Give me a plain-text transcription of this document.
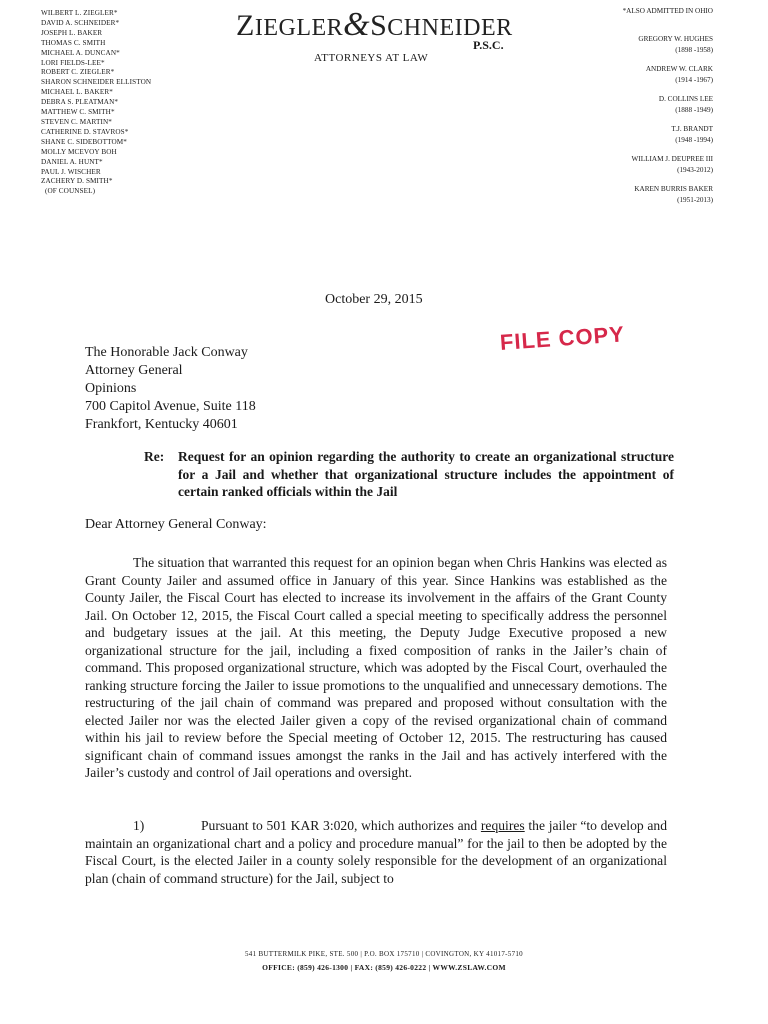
WILBERT L. ZIEGLER*
DAVID A. SCHNEIDER*
JOSEPH L. BAKER
THOMAS C. SMITH
MICHAEL A. DUNCAN*
LORI FIELDS-LEE*
ROBERT C. ZIEGLER*
SHARON SCHNEIDER ELLISTON
MICHAEL L. BAKER*
DEBRA S. PLEATMAN*
MATTHEW C. SMITH*
STEVEN C. MARTIN*
CATHERINE D. STAVROS*
SHANE C. SIDEBOTTOM*
MOLLY MCEVOY BOH
DANIEL A. HUNT*
PAUL J. WISCHER
ZACHERY D. SMITH*
(OF COUNSEL)
ZIEGLER&SCHNEIDER
P.S.C.
ATTORNEYS AT LAW
*ALSO ADMITTED IN OHIO
GREGORY W. HUGHES
(1898 -1958)
ANDREW W. CLARK
(1914 -1967)
D. COLLINS LEE
(1888 -1949)
T.J. BRANDT
(1948 -1994)
WILLIAM J. DEUPREE III
(1943-2012)
KAREN BURRIS BAKER
(1951-2013)
October 29, 2015
The Honorable Jack Conway
Attorney General
Opinions
700 Capitol Avenue, Suite 118
Frankfort, Kentucky 40601
FILE COPY
Re: Request for an opinion regarding the authority to create an organizational structure for a Jail and whether that organizational structure includes the appointment of certain ranked officials within the Jail
Dear Attorney General Conway:
The situation that warranted this request for an opinion began when Chris Hankins was elected as Grant County Jailer and assumed office in January of this year. Since Hankins was established as the County Jailer, the Fiscal Court has elected to increase its involvement in the affairs of the Grant County Jail. On October 12, 2015, the Fiscal Court called a special meeting to specifically address the personnel and budgetary issues at the jail. At this meeting, the Deputy Judge Executive proposed a new organizational structure for the jail, including a fixed composition of ranks in the Jailer’s chain of command. This proposed organizational structure, which was adopted by the Fiscal Court, overhauled the ranking structure forcing the Jailer to issue promotions to the unqualified and unnecessary demotions. The restructuring of the jail chain of command was prepared and proposed without consultation with the elected Jailer nor was the elected Jailer given a copy of the revised organizational chain of command within his jail to review before the Special meeting of October 12, 2015. The restructuring has caused significant chain of command issues amongst the ranks in the Jail and has actively interfered with the Jailer’s custody and control of Jail operations and oversight.
1)	Pursuant to 501 KAR 3:020, which authorizes and requires the jailer “to develop and maintain an organizational chart and a policy and procedure manual” for the jail to then be adopted by the Fiscal Court, is the elected Jailer in a county solely responsible for the development of an organizational plan (chain of command structure) for the Jail, subject to
541 BUTTERMILK PIKE, STE. 500 | P.O. BOX 175710 | COVINGTON, KY 41017-5710
OFFICE: (859) 426-1300 | FAX: (859) 426-0222 | WWW.ZSLAW.COM
